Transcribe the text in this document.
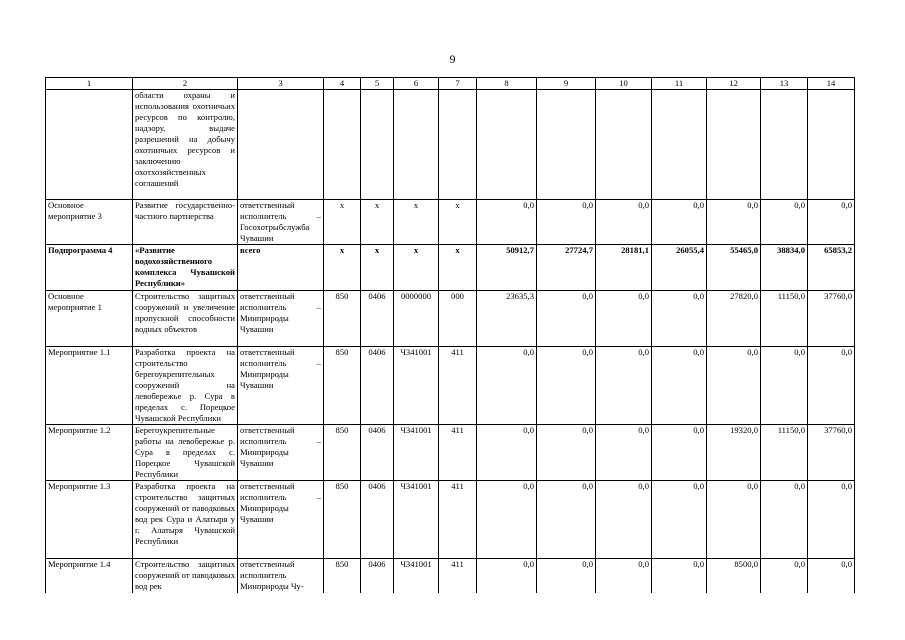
9
1	2	3	4	5	6	7	8	9	10	11	12	13	14
	области охраны и использования охотничьих ресурсов по контролю, надзору, выдаче разрешений на добычу охотничьих ресурсов и заключению охотхозяйственных соглашений												
Основное мероприятие 3	Развитие государственно-частного партнерства	ответственный исполнитель – Госохотрыбслужба Чувашии	x	x	x	x	0,0	0,0	0,0	0,0	0,0	0,0	0,0
Подпрограмма 4	«Развитие водохозяйственного комплекса Чувашской Республики»	всего	x	x	x	x	50912,7	27724,7	28181,1	26055,4	55465,0	38834,0	65853,2
Основное мероприятие 1	Строительство защитных сооружений и увеличение пропускной способности водных объектов	ответственный исполнитель – Минприроды Чувашии	850	0406	0000000	000	23635,3	0,0	0,0	0,0	27820,0	11150,0	37760,0
Мероприятие 1.1	Разработка проекта на строительство берегоукрепительных сооружений на левобережье р. Сура в пределах с. Порецкое Чувашской Республики	ответственный исполнитель – Минприроды Чувашии	850	0406	Ч341001	411	0,0	0,0	0,0	0,0	0,0	0,0	0,0
Мероприятие 1.2	Берегоукрепительные работы на левобережье р. Сура в пределах с. Порецкое Чувашской Республики	ответственный исполнитель – Минприроды Чувашии	850	0406	Ч341001	411	0,0	0,0	0,0	0,0	19320,0	11150,0	37760,0
Мероприятие 1.3	Разработка проекта на строительство защитных сооружений от паводковых вод рек Сура и Алатыря у г. Алатыря Чувашской Республики	ответственный исполнитель – Минприроды Чувашии	850	0406	Ч341001	411	0,0	0,0	0,0	0,0	0,0	0,0	0,0
Мероприятие 1.4	Строительство защитных сооружений от паводковых вод рек	ответственный исполнитель Минприроды Чу-	850	0406	Ч341001	411	0,0	0,0	0,0	0,0	8500,0	0,0	0,0
